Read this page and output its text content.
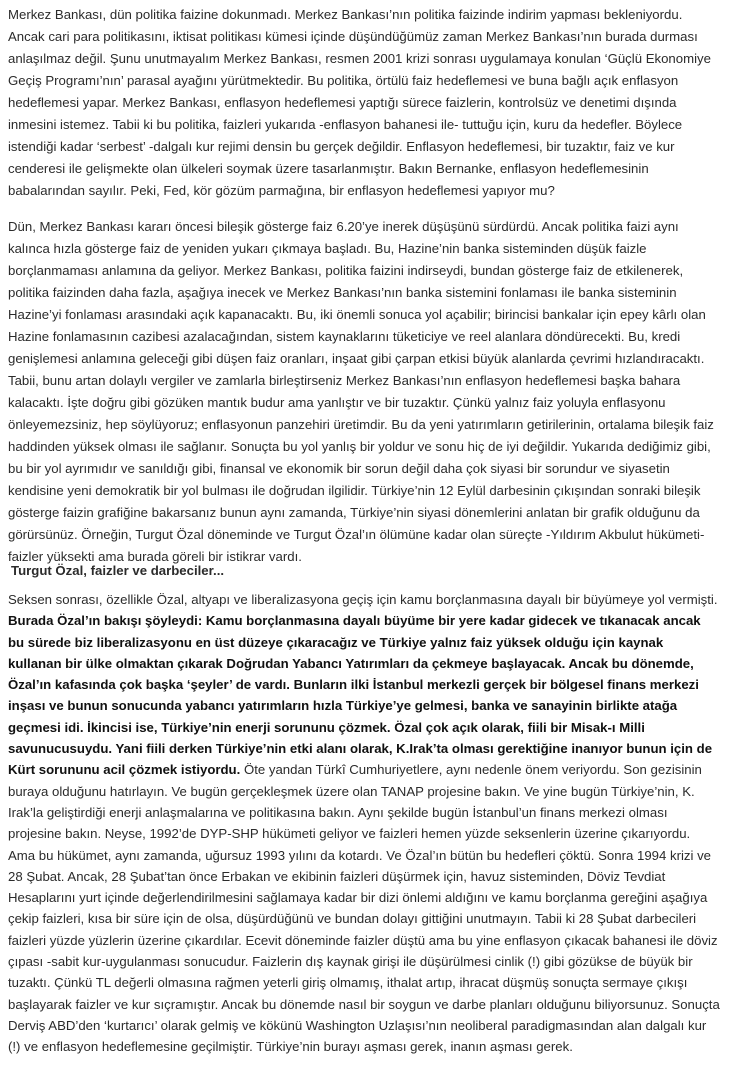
Merkez Bankası, dün politika faizine dokunmadı. Merkez Bankası’nın politika faizinde indirim yapması bekleniyordu. Ancak cari para politikasını, iktisat politikası kümesi içinde düşündüğümüz zaman Merkez Bankası’nın burada durması anlaşılmaz değil. Şunu unutmayalım Merkez Bankası, resmen 2001 krizi sonrası uygulamaya konulan ‘Güçlü Ekonomiye Geçiş Programı’nın’ parasal ayağını yürütmektedir. Bu politika, örtülü faiz hedeflemesi ve buna bağlı açık enflasyon hedeflemesi yapar. Merkez Bankası, enflasyon hedeflemesi yaptığı sürece faizlerin, kontrolsüz ve denetimi dışında inmesini istemez. Tabii ki bu politika, faizleri yukarıda -enflasyon bahanesi ile- tuttuğu için, kuru da hedefler. Böylece istendiği kadar ‘serbest’ -dalgalı kur rejimi densin bu gerçek değildir. Enflasyon hedeflemesi, bir tuzaktır, faiz ve kur cenderesi ile gelişmekte olan ülkeleri soymak üzere tasarlanmıştır. Bakın Bernanke, enflasyon hedeflemesinin babalarından sayılır. Peki, Fed, kör gözüm parmağına, bir enflasyon hedeflemesi yapıyor mu?

Dün, Merkez Bankası kararı öncesi bileşik gösterge faiz 6.20’ye inerek düşüşünü sürdürdü. Ancak politika faizi aynı kalınca hızla gösterge faiz de yeniden yukarı çıkmaya başladı. Bu, Hazine’nin banka sisteminden düşük faizle borçlanmaması anlamına da geliyor. Merkez Bankası, politika faizini indirseydi, bundan gösterge faiz de etkilenerek, politika faizinden daha fazla, aşağıya inecek ve Merkez Bankası’nın banka sistemini fonlaması ile banka sisteminin Hazine’yi fonlaması arasındaki açık kapanacaktı. Bu, iki önemli sonuca yol açabilir; birincisi bankalar için epey kârlı olan Hazine fonlamasının cazibesi azalacağından, sistem kaynaklarını tüketiciye ve reel alanlara döndürecekti. Bu, kredi genişlemesi anlamına geleceği gibi düşen faiz oranları, inşaat gibi çarpan etkisi büyük alanlarda çevrimi hızlandıracaktı. Tabii, bunu artan dolaylı vergiler ve zamlarla birleştirseniz Merkez Bankası’nın enflasyon hedeflemesi başka bahara kalacaktı. İşte doğru gibi gözüken mantık budur ama yanlıştır ve bir tuzaktır. Çünkü yalnız faiz yoluyla enflasyonu önleyemezsiniz, hep söylüyoruz; enflasyonun panzehiri üretimdir. Bu da yeni yatırımların getirilerinin, ortalama bileşik faiz haddinden yüksek olması ile sağlanır. Sonuçta bu yol yanlış bir yoldur ve sonu hiç de iyi değildir. Yukarıda dediğimiz gibi, bu bir yol ayrımıdır ve sanıldığı gibi, finansal ve ekonomik bir sorun değil daha çok siyasi bir sorundur ve siyasetin kendisine yeni demokratik bir yol bulması ile doğrudan ilgilidir. Türkiye’nin 12 Eylül darbesinin çıkışından sonraki bileşik gösterge faizin grafiğine bakarsanız bunun aynı zamanda, Türkiye’nin siyasi dönemlerini anlatan bir grafik olduğunu da görürsünüz. Örneğin, Turgut Özal döneminde ve Turgut Özal’ın ölümüne kadar olan süreçte -Yıldırım Akbulut hükümeti- faizler yüksekti ama burada göreli bir istikrar vardı.

Turgut Özal, faizler ve darbeciler...

Seksen sonrası, özellikle Özal, altyapı ve liberalizasyona geçiş için kamu borçlanmasına dayalı bir büyümeye yol vermişti. Burada Özal’ın bakışı şöyleydi: Kamu borçlanmasına dayalı büyüme bir yere kadar gidecek ve tıkanacak ancak bu sürede biz liberalizasyonu en üst düzeye çıkaracağız ve Türkiye yalnız faiz yüksek olduğu için kaynak kullanan bir ülke olmaktan çıkarak Doğrudan Yabancı Yatırımları da çekmeye başlayacak. Ancak bu dönemde, Özal’ın kafasında çok başka ‘şeyler’ de vardı. Bunların ilki İstanbul merkezli gerçek bir bölgesel finans merkezi inşası ve bunun sonucunda yabancı yatırımların hızla Türkiye’ye gelmesi, banka ve sanayinin birlikte atağa geçmesi idi. İkincisi ise, Türkiye’nin enerji sorununu çözmek. Özal çok açık olarak, fiili bir Misak-ı Milli savunucusuydu. Yani fiili derken Türkiye’nin etki alanı olarak, K.Irak’ta olması gerektiğine inanıyor bunun için de Kürt sorununu acil çözmek istiyordu. Öte yandan Türkî Cumhuriyetlere, aynı nedenle önem veriyordu. Son gezisinin buraya olduğunu hatırlayın. Ve bugün gerçekleşmek üzere olan TANAP projesine bakın. Ve yine bugün Türkiye’nin, K. Irak’la geliştirdiği enerji anlaşmalarına ve politikasına bakın. Aynı şekilde bugün İstanbul’un finans merkezi olması projesine bakın. Neyse, 1992’de DYP-SHP hükümeti geliyor ve faizleri hemen yüzde seksenlerin üzerine çıkarıyordu. Ama bu hükümet, aynı zamanda, uğursuz 1993 yılını da kotardı. Ve Özal’ın bütün bu hedefleri çöktü. Sonra 1994 krizi ve 28 Şubat. Ancak, 28 Şubat’tan önce Erbakan ve ekibinin faizleri düşürmek için, havuz sisteminden, Döviz Tevdiat Hesaplarını yurt içinde değerlendirilmesini sağlamaya kadar bir dizi önlemi aldığını ve kamu borçlanma gereğini aşağıya çekip faizleri, kısa bir süre için de olsa, düşürdüğünü ve bundan dolayı gittiğini unutmayın. Tabii ki 28 Şubat darbecileri faizleri yüzde yüzlerin üzerine çıkardılar. Ecevit döneminde faizler düştü ama bu yine enflasyon çıkacak bahanesi ile döviz çıpası -sabit kur-uygulanması sonucudur. Faizlerin dış kaynak girişi ile düşürülmesi cinlik (!) gibi gözükse de büyük bir tuzaktı. Çünkü TL değerli olmasına rağmen yeterli giriş olmamış, ithalat artıp, ihracat düşmüş sonuçta sermaye çıkışı başlayarak faizler ve kur sıçramıştır. Ancak bu dönemde nasıl bir soygun ve darbe planları olduğunu biliyorsunuz. Sonuçta Derviş ABD’den ‘kurtarıcı’ olarak gelmiş ve kökünü Washington Uzlaşısı’nın neoliberal paradigmasından alan dalgalı kur (!) ve enflasyon hedeflemesine geçilmiştir. Türkiye’nin burayı aşması gerek, inanın aşması gerek.
